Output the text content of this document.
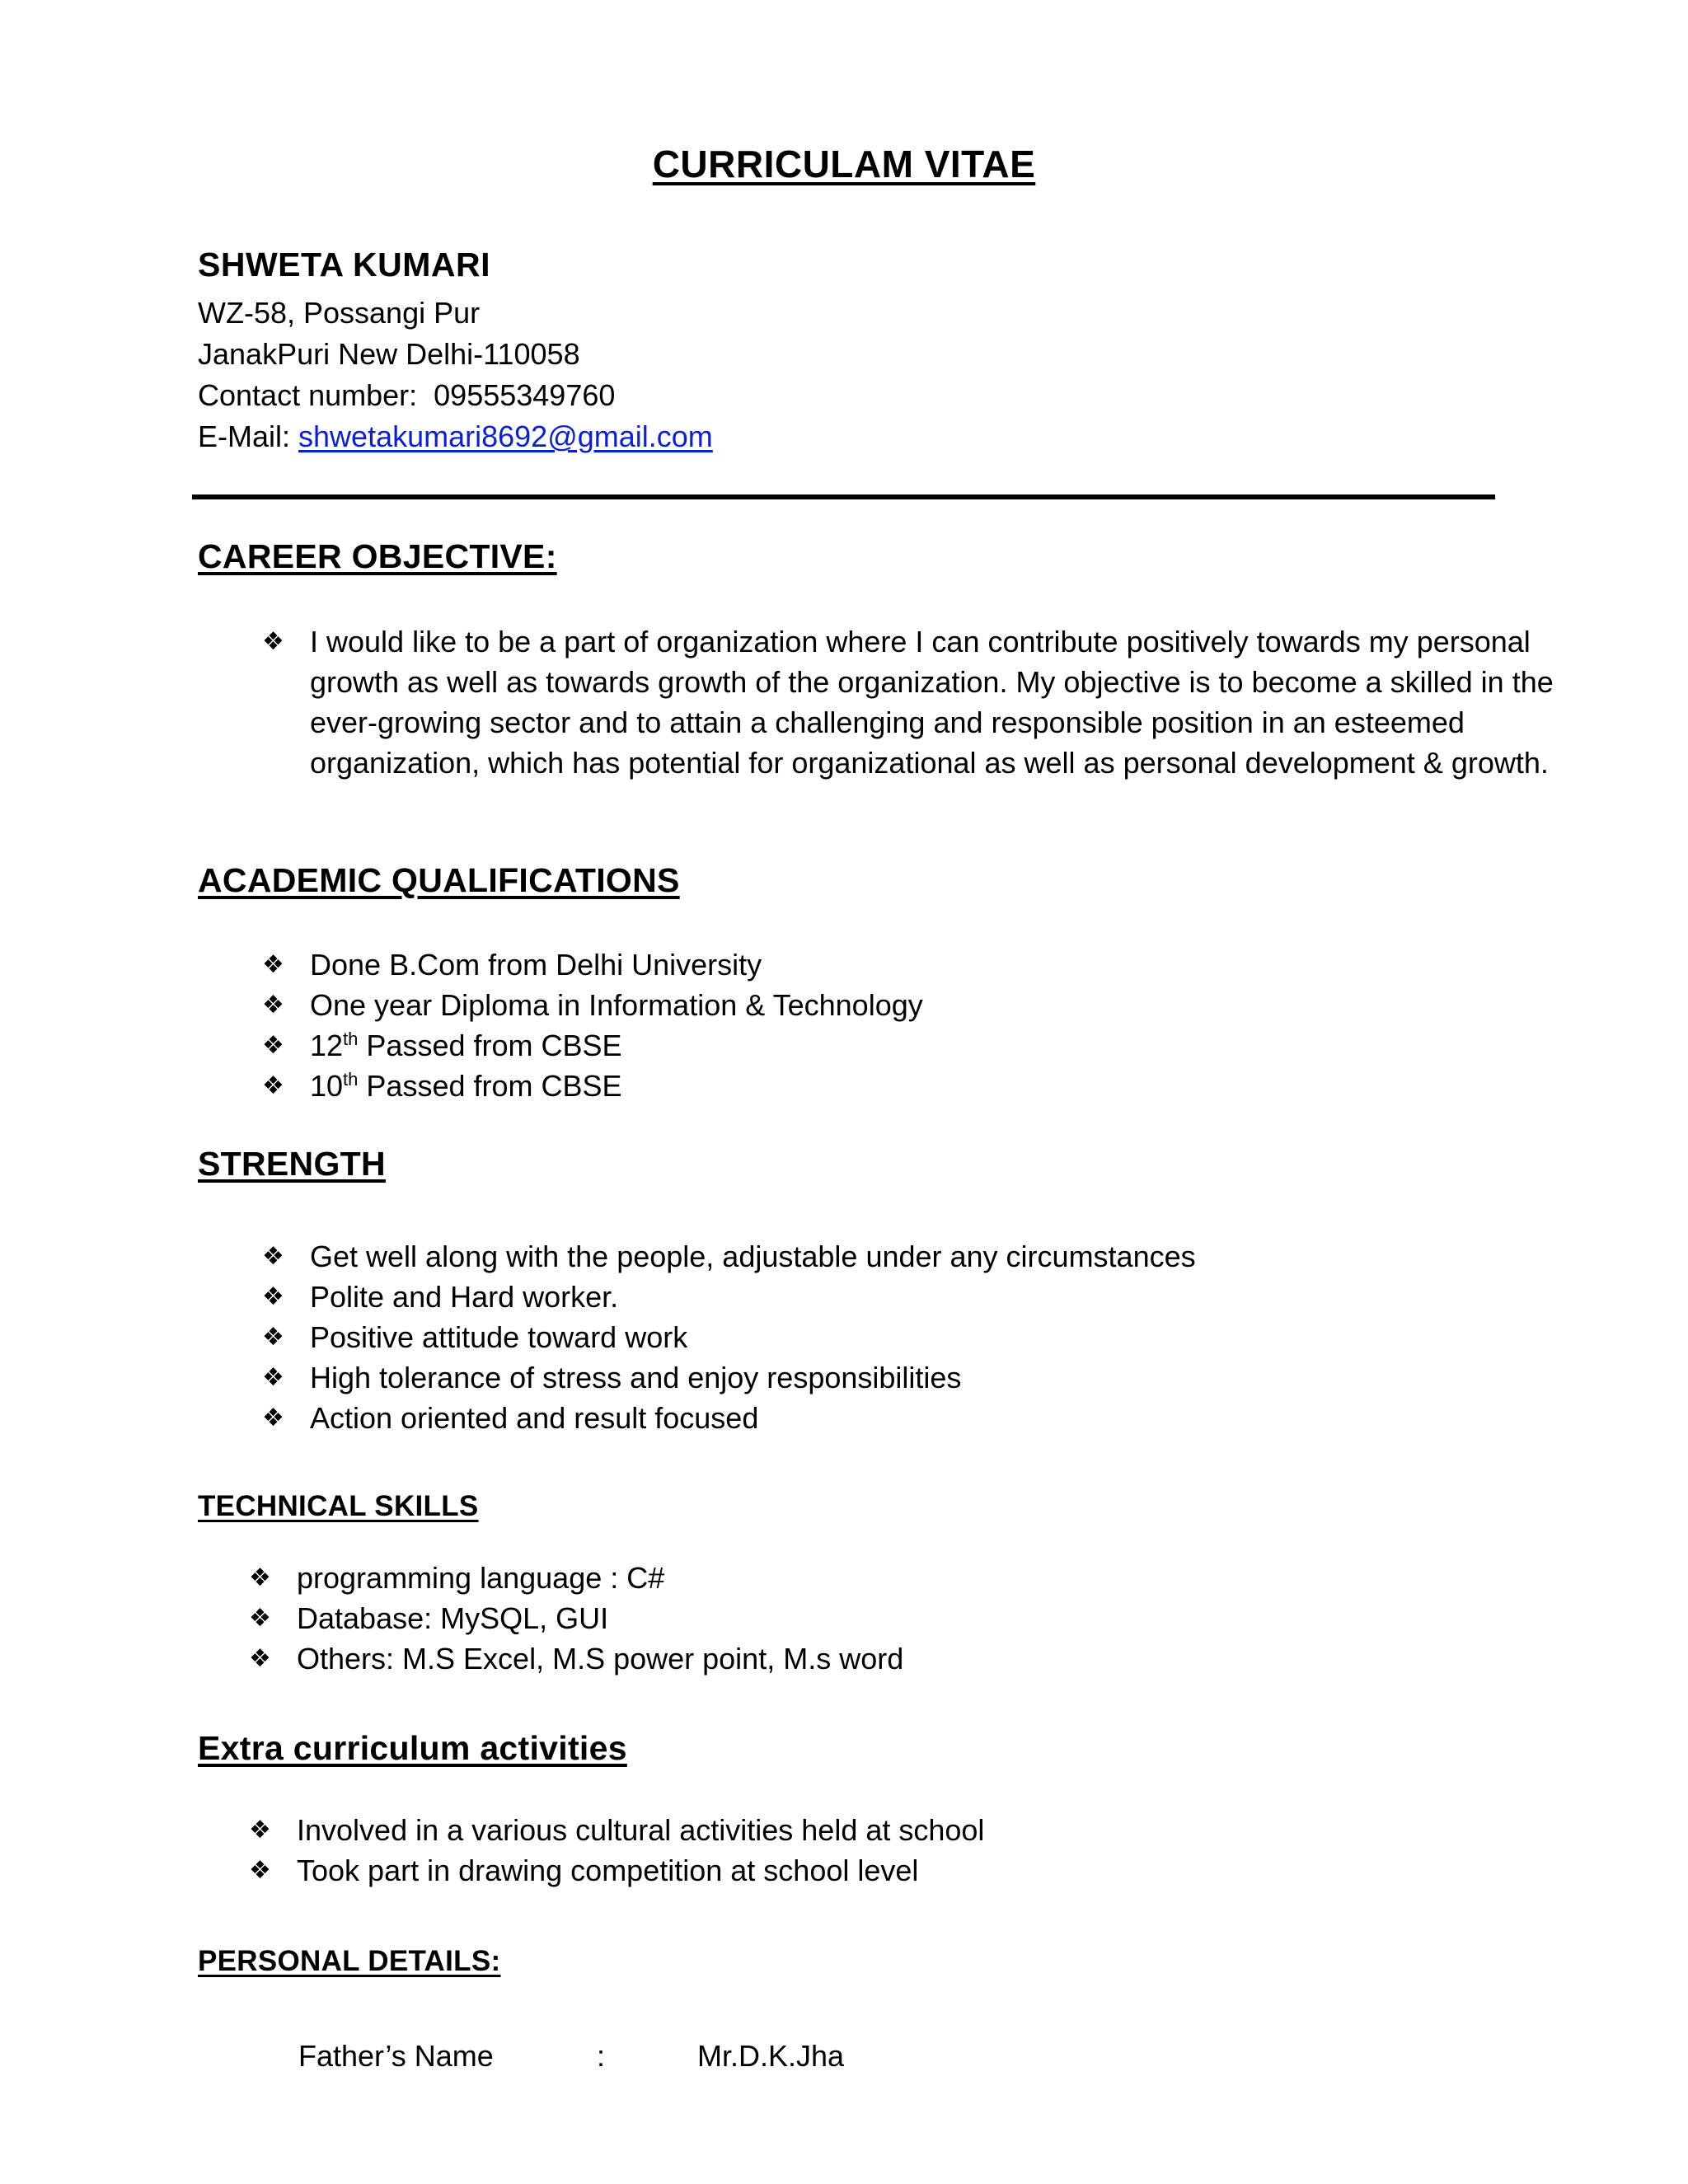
CURRICULAM VITAE
SHWETA KUMARI
WZ-58, Possangi Pur
JanakPuri New Delhi-110058
Contact number: 09555349760
E-Mail: shwetakumari8692@gmail.com
CAREER OBJECTIVE:
❖ I would like to be a part of organization where I can contribute positively towards my personal growth as well as towards growth of the organization. My objective is to become a skilled in the ever-growing sector and to attain a challenging and responsible position in an esteemed organization, which has potential for organizational as well as personal development & growth.
ACADEMIC QUALIFICATIONS
❖ Done B.Com from Delhi University
❖ One year Diploma in Information & Technology
❖ 12th Passed from CBSE
❖ 10th Passed from CBSE
STRENGTH
❖ Get well along with the people, adjustable under any circumstances
❖ Polite and Hard worker.
❖ Positive attitude toward work
❖ High tolerance of stress and enjoy responsibilities
❖ Action oriented and result focused
TECHNICAL SKILLS
❖ programming language : C#
❖ Database: MySQL, GUI
❖ Others: M.S Excel, M.S power point, M.s word
Extra curriculum activities
❖ Involved in a various cultural activities held at school
❖ Took part in drawing competition at school level
PERSONAL DETAILS:
Father’s Name	:	Mr.D.K.Jha
